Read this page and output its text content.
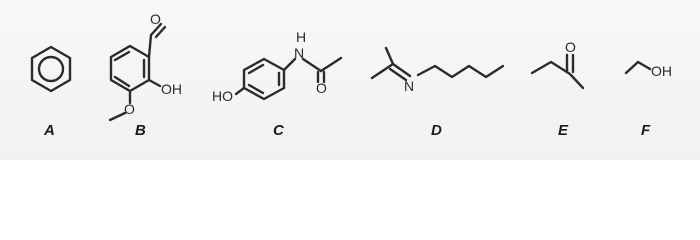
A
O
OH
O
B
HO
H
N
O
C
N
D
O
E
OH
F
